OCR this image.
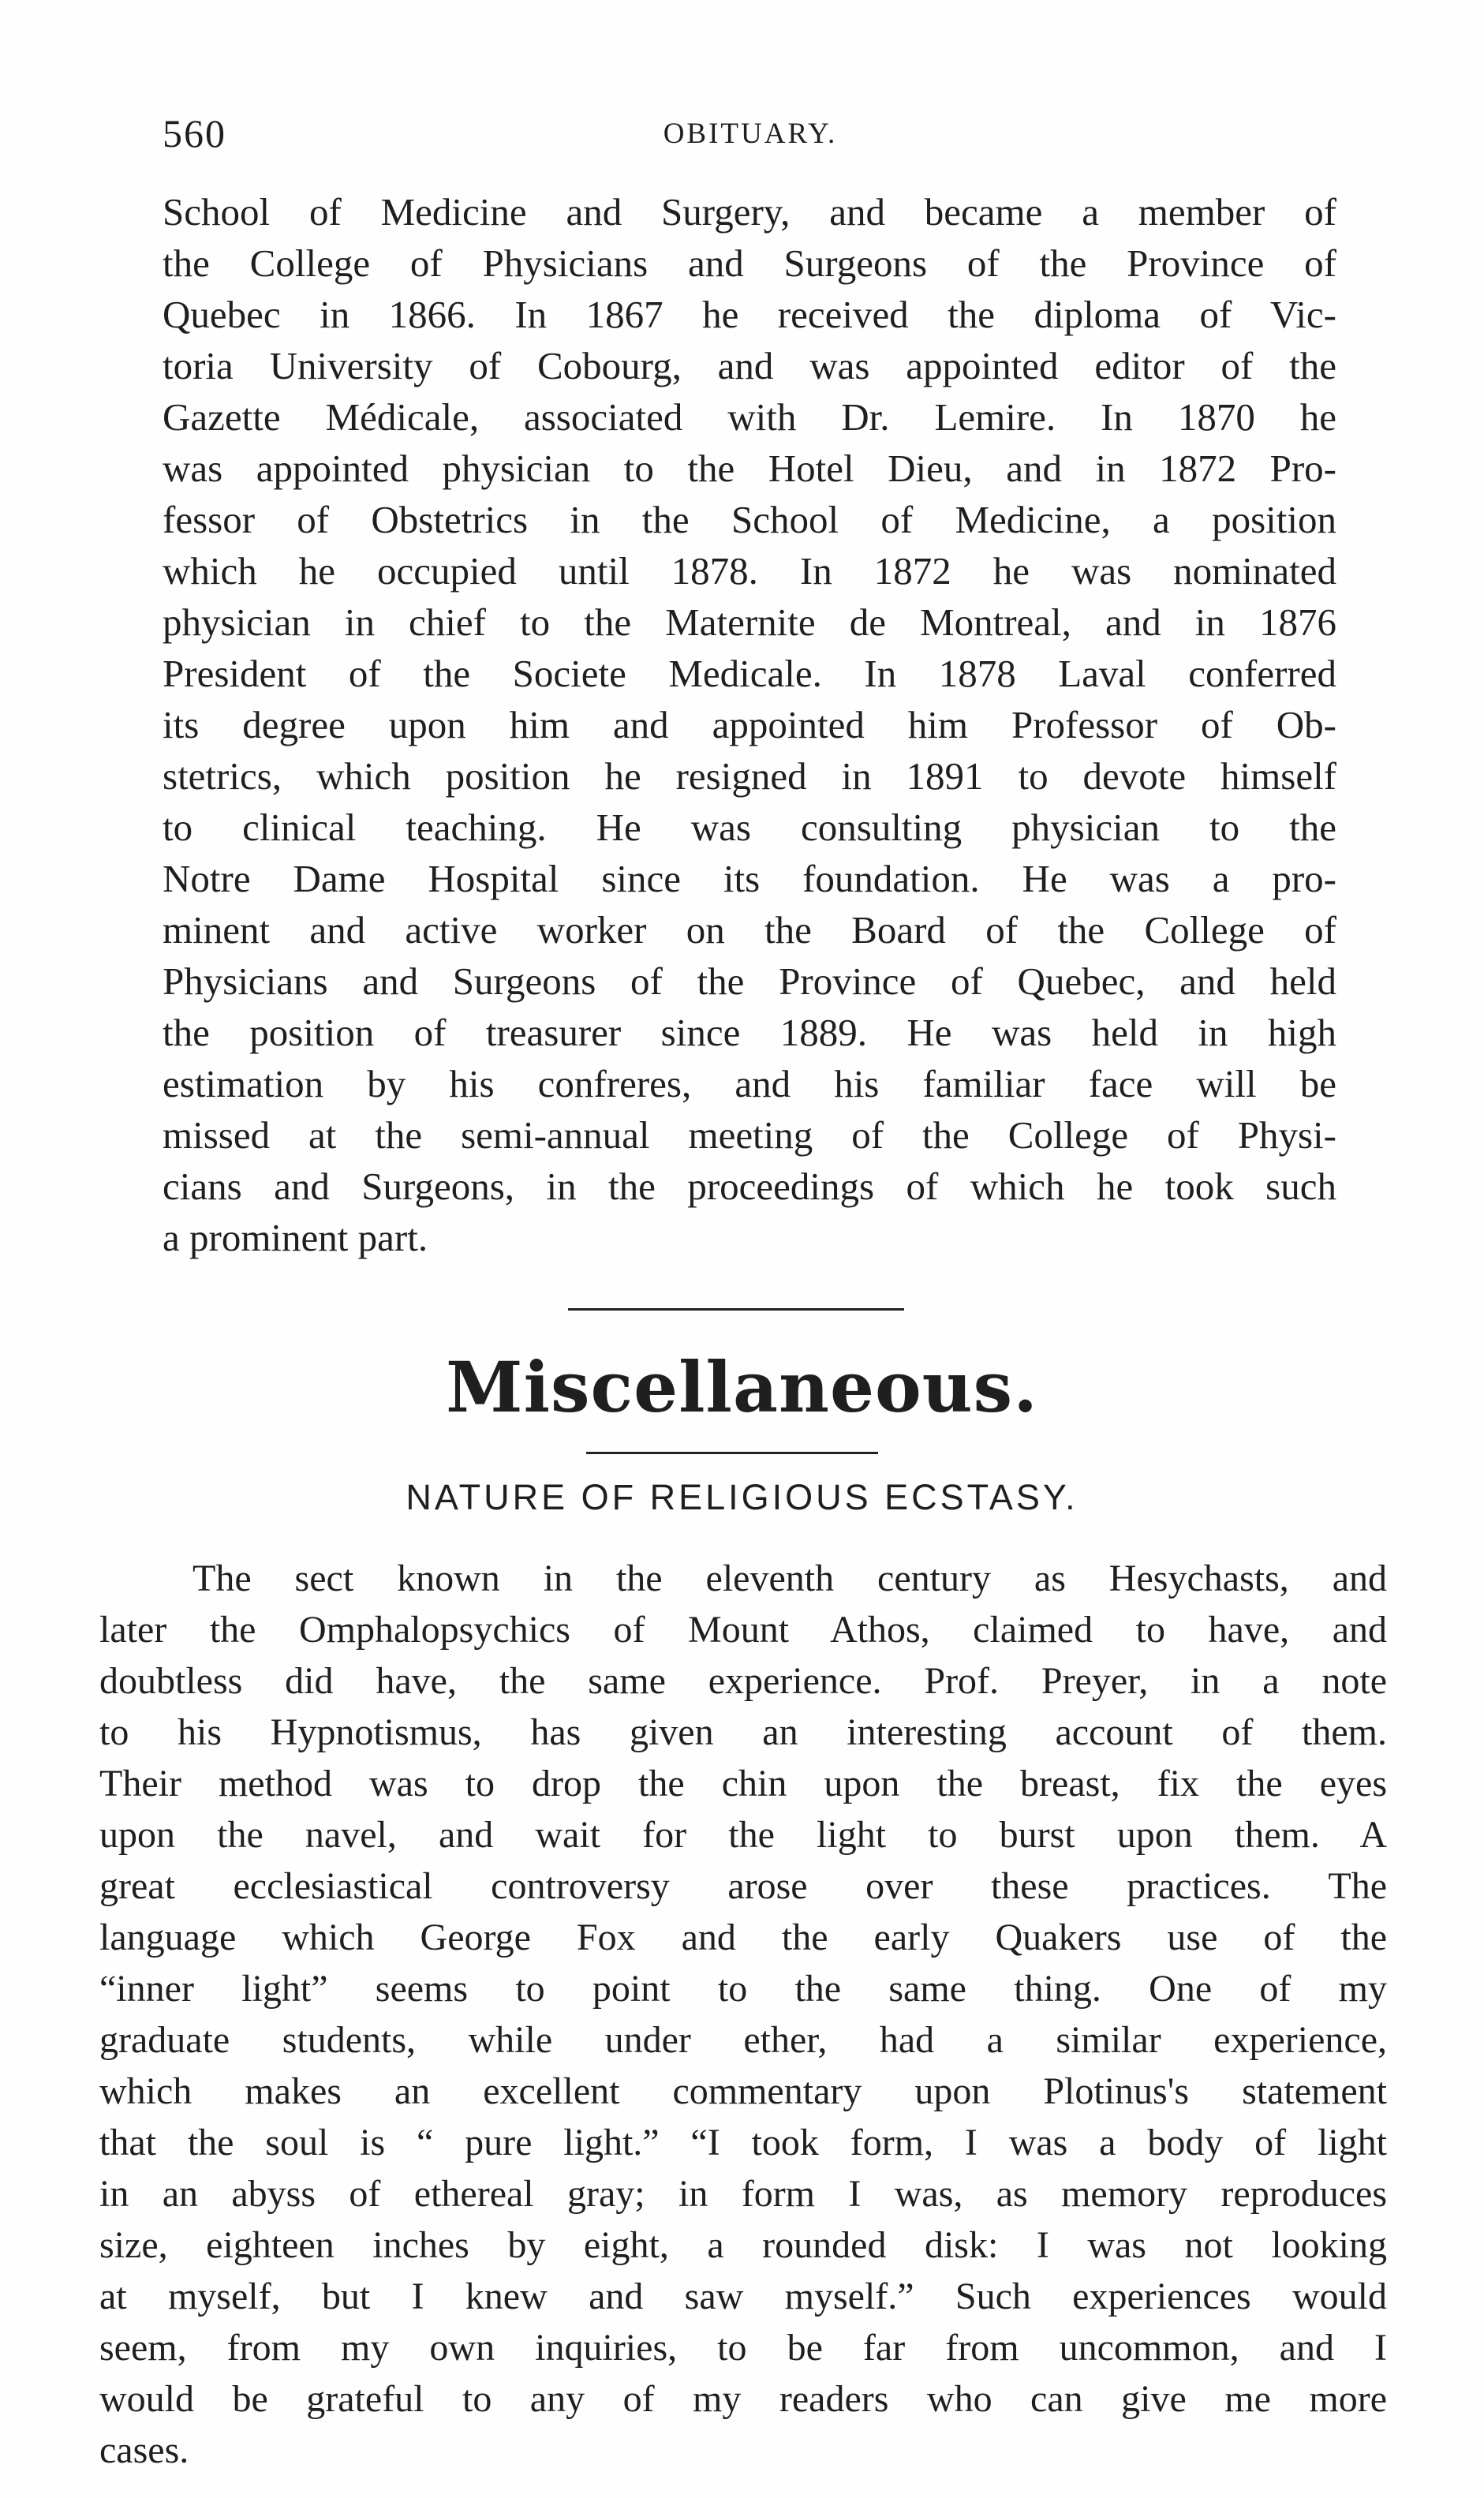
560	OBITUARY.
School of Medicine and Surgery, and became a member of
the College of Physicians and Surgeons of the Province of
Quebec in 1866. In 1867 he received the diploma of Vic-
toria University of Cobourg, and was appointed editor of the
Gazette Médicale, associated with Dr. Lemire. In 1870 he
was appointed physician to the Hotel Dieu, and in 1872 Pro-
fessor of Obstetrics in the School of Medicine, a position
which he occupied until 1878. In 1872 he was nominated
physician in chief to the Maternite de Montreal, and in 1876
President of the Societe Medicale. In 1878 Laval conferred
its degree upon him and appointed him Professor of Ob-
stetrics, which position he resigned in 1891 to devote himself
to clinical teaching. He was consulting physician to the
Notre Dame Hospital since its foundation. He was a pro-
minent and active worker on the Board of the College of
Physicians and Surgeons of the Province of Quebec, and held
the position of treasurer since 1889. He was held in high
estimation by his confreres, and his familiar face will be
missed at the semi-annual meeting of the College of Physi-
cians and Surgeons, in the proceedings of which he took such
a prominent part.
Miscellaneous.
NATURE OF RELIGIOUS ECSTASY.
The sect known in the eleventh century as Hesychasts, and
later the Omphalopsychics of Mount Athos, claimed to have, and
doubtless did have, the same experience. Prof. Preyer, in a note
to his Hypnotismus, has given an interesting account of them.
Their method was to drop the chin upon the breast, fix the eyes
upon the navel, and wait for the light to burst upon them. A
great ecclesiastical controversy arose over these practices. The
language which George Fox and the early Quakers use of the
“inner light” seems to point to the same thing. One of my
graduate students, while under ether, had a similar experience,
which makes an excellent commentary upon Plotinus's statement
that the soul is “ pure light.” “I took form, I was a body of light
in an abyss of ethereal gray; in form I was, as memory reproduces
size, eighteen inches by eight, a rounded disk: I was not looking
at myself, but I knew and saw myself.” Such experiences would
seem, from my own inquiries, to be far from uncommon, and I
would be grateful to any of my readers who can give me more
cases.
